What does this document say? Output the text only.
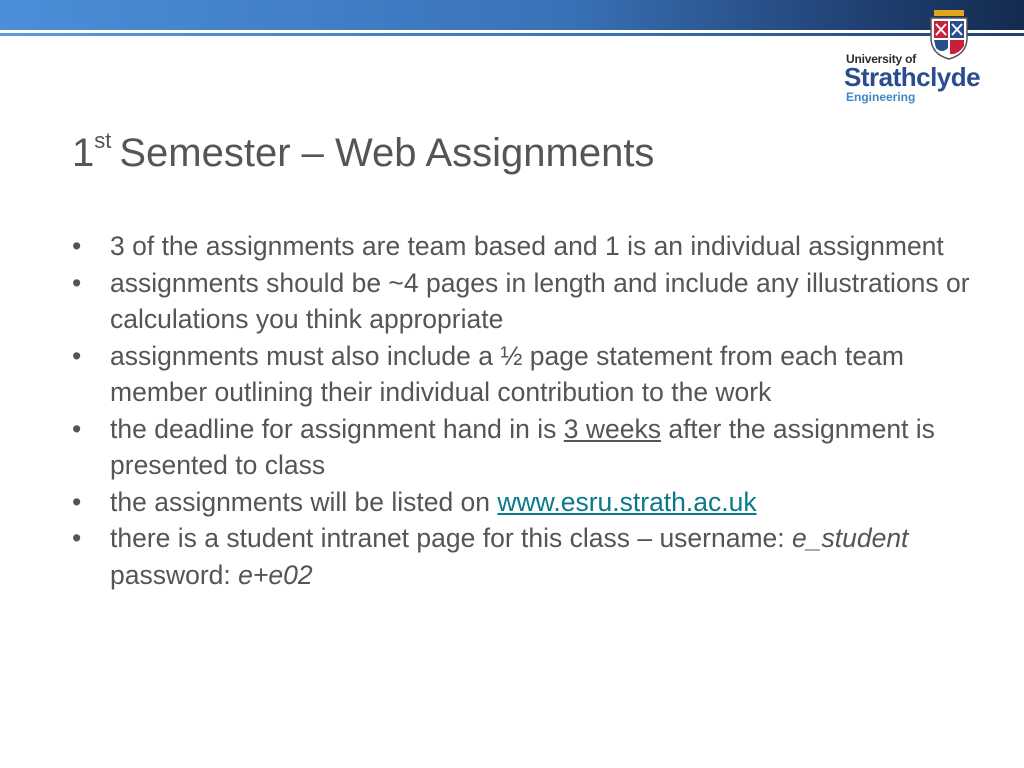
University of
Strathclyde
Engineering
1st Semester – Web Assignments
• 3 of the assignments are team based and 1 is an individual assignment
• assignments should be ~4 pages in length and include any illustrations or calculations you think appropriate
• assignments must also include a ½ page statement from each team member outlining their individual contribution to the work
• the deadline for assignment hand in is 3 weeks after the assignment is presented to class
• the assignments will be listed on www.esru.strath.ac.uk
• there is a student intranet page for this class – username: e_student password: e+e02
